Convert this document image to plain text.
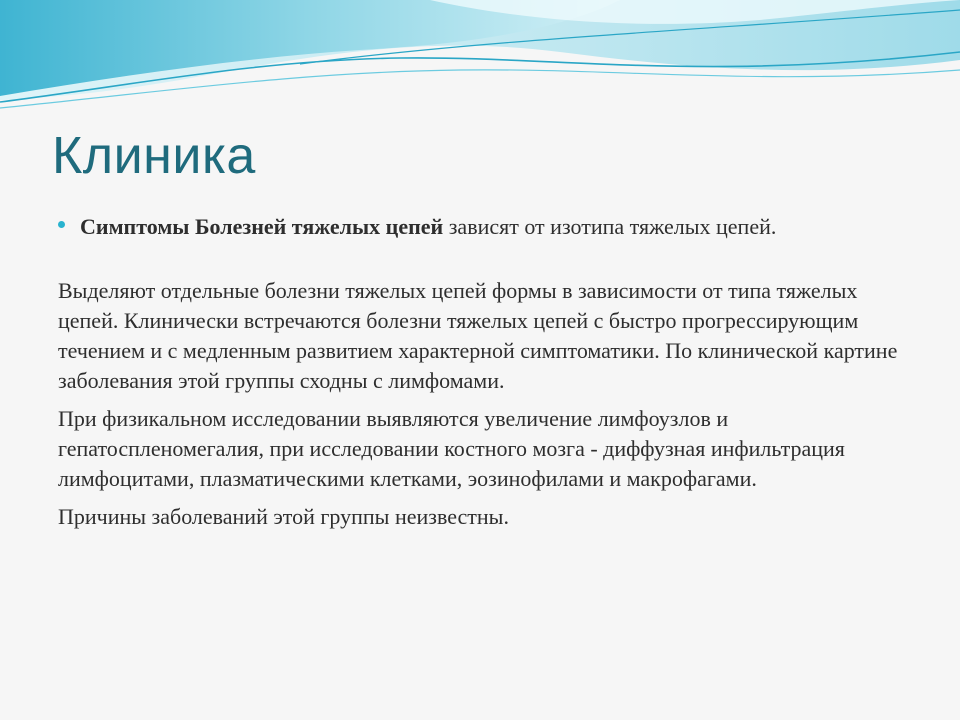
Клиника
Симптомы Болезней тяжелых цепей зависят от изотипа тяжелых цепей.

Выделяют отдельные болезни тяжелых цепей формы в зависимости от типа тяжелых цепей. Клинически встречаются болезни тяжелых цепей с быстро прогрессирующим течением и с медленным развитием характерной симптоматики. По клинической картине заболевания этой группы сходны с лимфомами.

При физикальном исследовании выявляются увеличение лимфоузлов и гепатоспленомегалия, при исследовании костного мозга - диффузная инфильтрация лимфоцитами, плазматическими клетками, эозинофилами и макрофагами.

Причины заболеваний этой группы неизвестны.
